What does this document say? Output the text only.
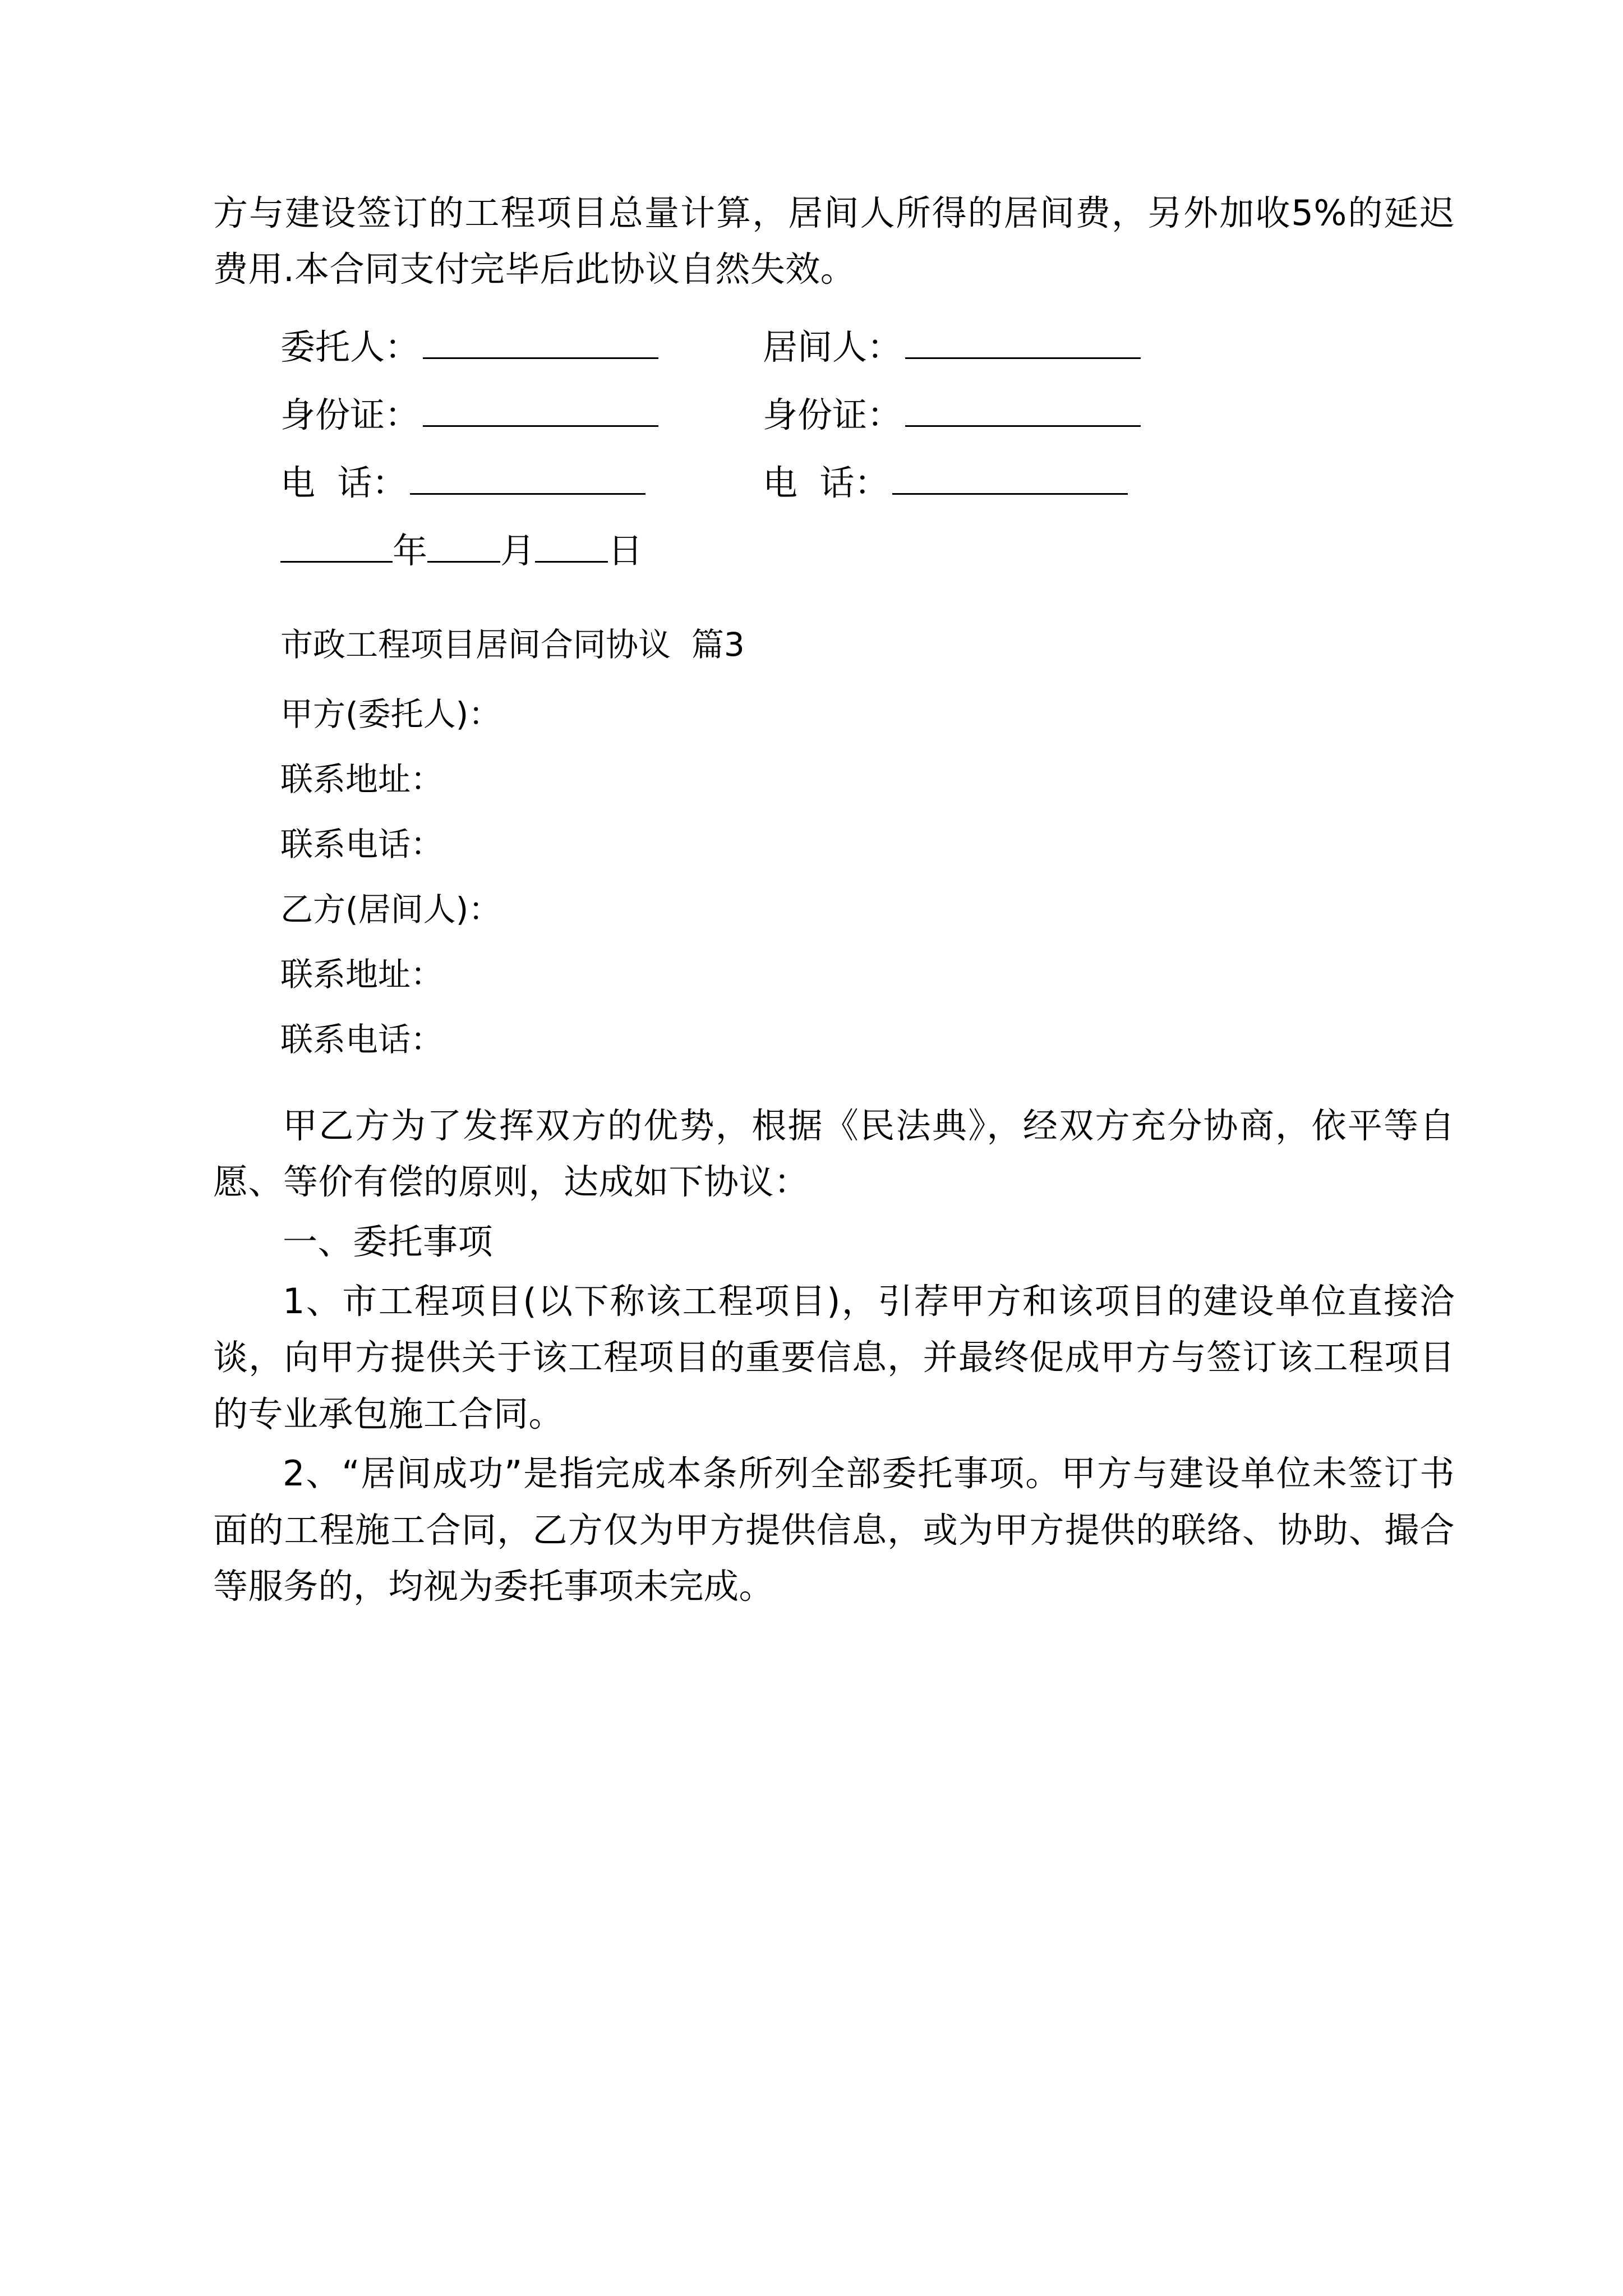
方与建设签订的工程项目总量计算，居间人所得的居间费，另外加收5%的延迟费用.本合同支付完毕后此协议自然失效。

委托人：	居间人：
身份证：	身份证：
电  话：	电  话：
年 月 日
市政工程项目居间合同协议  篇3
甲方(委托人)：
联系地址：
联系电话：
乙方(居间人)：
联系地址：
联系电话：

甲乙方为了发挥双方的优势，根据《民法典》，经双方充分协商，依平等自愿、等价有偿的原则，达成如下协议：

一、委托事项

1、市工程项目(以下称该工程项目)，引荐甲方和该项目的建设单位直接洽谈，向甲方提供关于该工程项目的重要信息，并最终促成甲方与签订该工程项目的专业承包施工合同。

2、“居间成功”是指完成本条所列全部委托事项。甲方与建设单位未签订书面的工程施工合同，乙方仅为甲方提供信息，或为甲方提供的联络、协助、撮合等服务的，均视为委托事项未完成。
